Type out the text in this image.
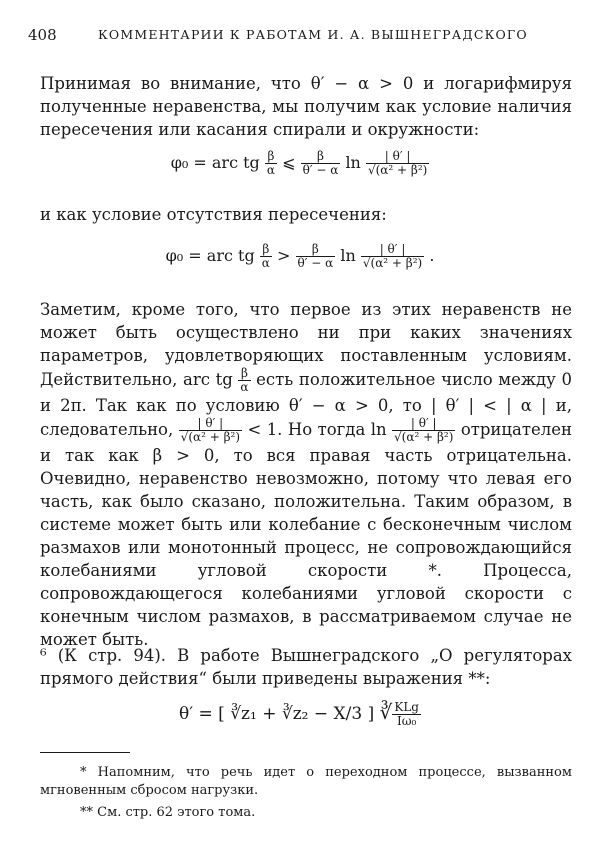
408	КОММЕНТАРИИ К РАБОТАМ И. А. ВЫШНЕГРАДСКОГО
Принимая во внимание, что θ′ − α > 0 и логарифмируя полученные неравенства, мы получим как условие наличия пересечения или касания спирали и окружности:
φ₀ = arc tg $\frac{\beta}{\alpha}$ ⩽ $\frac{\beta}{\theta' - \alpha}$ $\ln \frac{| \theta' |}{\text{√(α² + β²)}}$
и как условие отсутствия пересечения:
φ₀ = arc tg $\frac{\beta}{\alpha} > \frac{\beta}{\theta' - \alpha}$ $\ln \frac{| \theta' |}{\text{√(α² + β²)}}$ .
Заметим, кроме того, что первое из этих неравенств не может быть осуществлено ни при каких значениях параметров, удовлетворяющих поставленным условиям. Действительно, arc tg $\frac{\beta}{\alpha}$ есть положительное число между 0 и 2π. Так как по условию θ′ − α > 0, то | θ′ | < | α | и, следовательно, $\frac{| \theta' |}{\text{√(α² + β²)}} < 1$. Но тогда $\ln \frac{| \theta' |}{\text{√(α² + β²)}}$ отрицателен и так как β > 0, то вся правая часть отрицательна. Очевидно, неравенство невозможно, потому что левая его часть, как было сказано, положительна. Таким образом, в системе может быть или колебание с бесконечным числом размахов или монотонный процесс, не сопровождающийся колебаниями угловой скорости *. Процесса, сопровождающегося колебаниями угловой скорости с конечным числом размахов, в рассматриваемом случае не может быть.
⁶ (К стр. 94). В работе Вышнеградского „О регуляторах прямого действия“ были приведены выражения **:
θ′ = [ ∛z₁ + ∛z₂ − X/3 ] ∛ $\frac{\text{KLg}}{\text{Iω₀}}$
* Напомним, что речь идет о переходном процессе, вызванном мгновенным сбросом нагрузки.
** См. стр. 62 этого тома.
